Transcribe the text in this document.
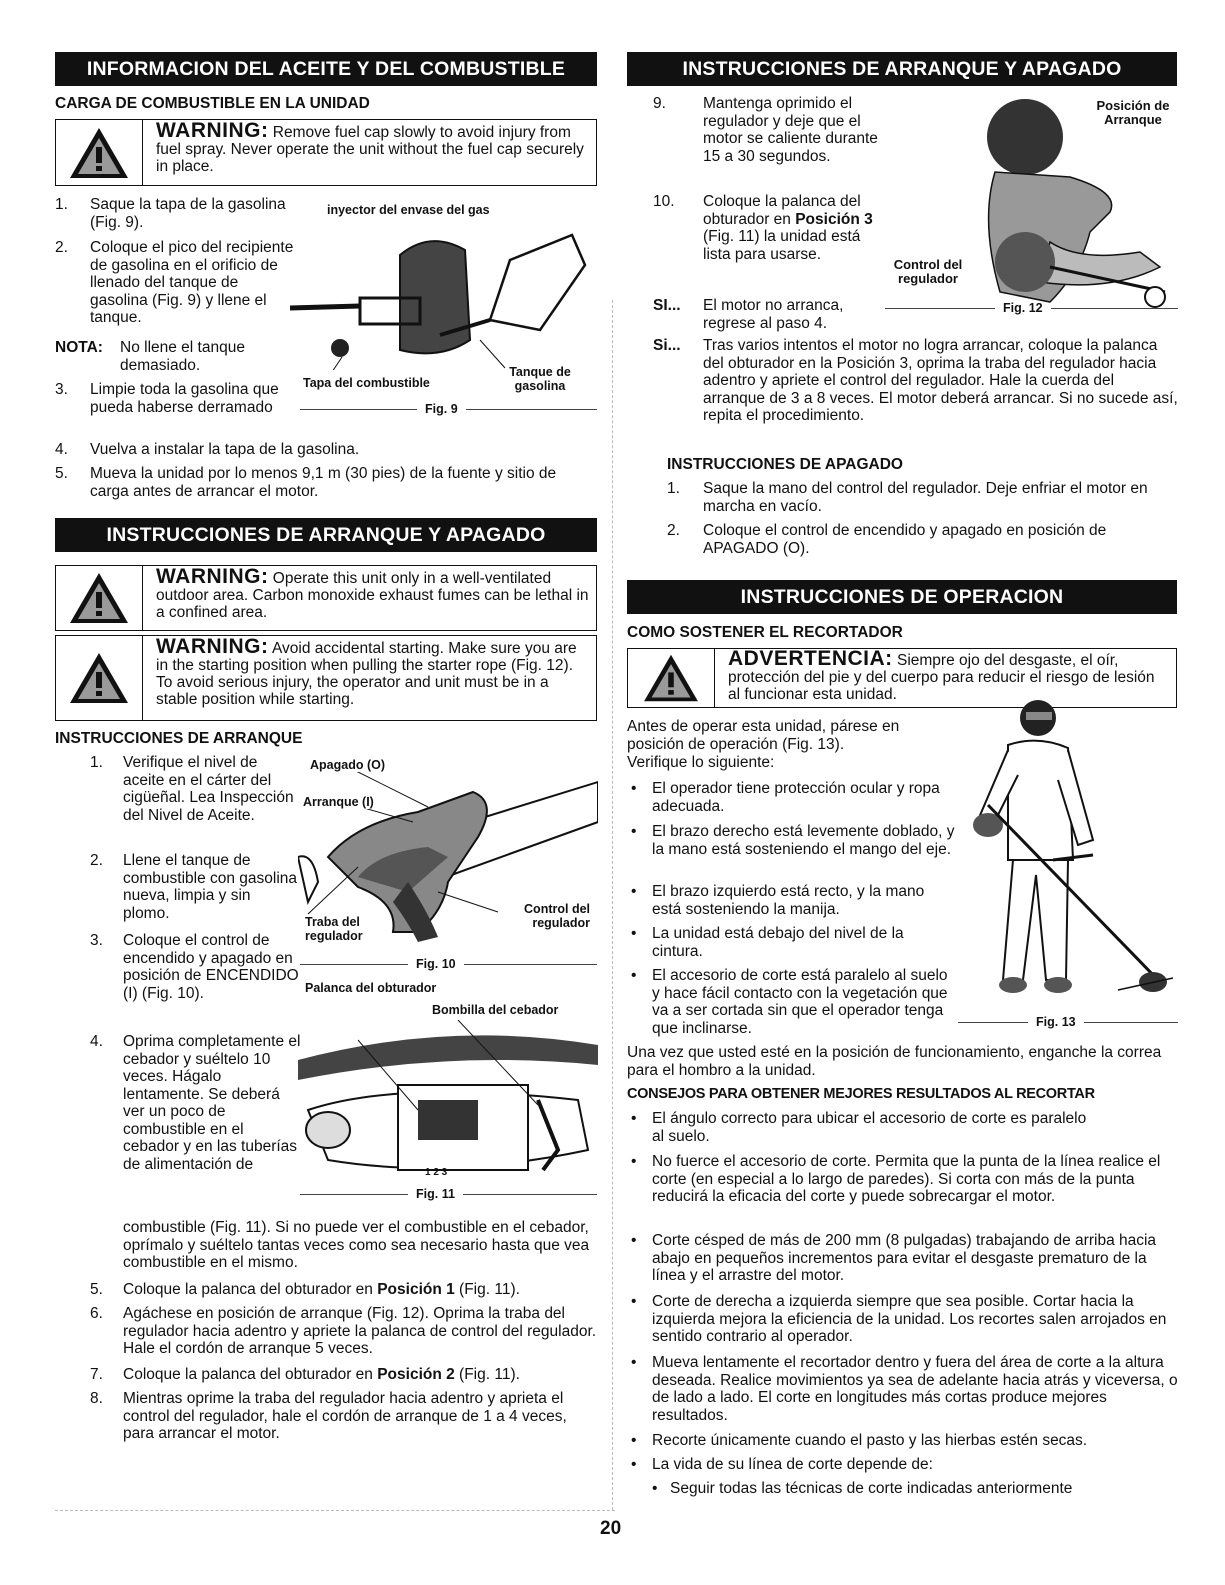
INFORMACION DEL ACEITE Y DEL COMBUSTIBLE
CARGA DE COMBUSTIBLE EN LA UNIDAD
WARNING: Remove fuel cap slowly to avoid injury from fuel spray. Never operate the unit without the fuel cap securely in place.
1. Saque la tapa de la gasolina (Fig. 9).
2. Coloque el pico del recipiente de gasolina en el orificio de llenado del tanque de gasolina (Fig. 9) y llene el tanque.
NOTA: No llene el tanque demasiado.
3. Limpie toda la gasolina que pueda haberse derramado
4. Vuelva a instalar la tapa de la gasolina.
5. Mueva la unidad por lo menos 9,1 m (30 pies) de la fuente y sitio de carga antes de arrancar el motor.
inyector del envase del gas
Tapa del combustible
Tanque de gasolina
Fig. 9
INSTRUCCIONES DE ARRANQUE Y APAGADO
WARNING: Operate this unit only in a well-ventilated outdoor area. Carbon monoxide exhaust fumes can be lethal in a confined area.
WARNING: Avoid accidental starting. Make sure you are in the starting position when pulling the starter rope (Fig. 12). To avoid serious injury, the operator and unit must be in a stable position while starting.
INSTRUCCIONES DE ARRANQUE
1. Verifique el nivel de aceite en el cárter del cigüeñal. Lea Inspección del Nivel de Aceite.
2. Llene el tanque de combustible con gasolina nueva, limpia y sin plomo.
3. Coloque el control de encendido y apagado en posición de ENCENDIDO (I) (Fig. 10).
4. Oprima completamente el cebador y suéltelo 10 veces. Hágalo lentamente. Se deberá ver un poco de combustible en el cebador y en las tuberías de alimentación de
combustible (Fig. 11). Si no puede ver el combustible en el cebador, oprímalo y suéltelo tantas veces como sea necesario hasta que vea combustible en el mismo.
5. Coloque la palanca del obturador en Posición 1 (Fig. 11).
6. Agáchese en posición de arranque (Fig. 12). Oprima la traba del regulador hacia adentro y apriete la palanca de control del regulador. Hale el cordón de arranque 5 veces.
7. Coloque la palanca del obturador en Posición 2 (Fig. 11).
8. Mientras oprime la traba del regulador hacia adentro y aprieta el control del regulador, hale el cordón de arranque de 1 a 4 veces, para arrancar el motor.
Apagado (O)
Arranque (I)
Traba del regulador
Control del regulador
Fig. 10
Palanca del obturador
Bombilla del cebador
1 2 3
Fig. 11
INSTRUCCIONES DE ARRANQUE Y APAGADO
9. Mantenga oprimido el regulador y deje que el motor se caliente durante 15 a 30 segundos.
10. Coloque la palanca del obturador en Posición 3 (Fig. 11) la unidad está lista para usarse.
SI... El motor no arranca, regrese al paso 4.
Si... Tras varios intentos el motor no logra arrancar, coloque la palanca del obturador en la Posición 3, oprima la traba del regulador hacia adentro y apriete el control del regulador. Hale la cuerda del arranque de 3 a 8 veces. El motor deberá arrancar. Si no sucede así, repita el procedimiento.
Posición de Arranque
Control del regulador
Fig. 12
INSTRUCCIONES DE APAGADO
1. Saque la mano del control del regulador. Deje enfriar el motor en marcha en vacío.
2. Coloque el control de encendido y apagado en posición de APAGADO (O).
INSTRUCCIONES DE OPERACION
COMO SOSTENER EL RECORTADOR
ADVERTENCIA: Siempre ojo del desgaste, el oír, protección del pie y del cuerpo para reducir el riesgo de lesión al funcionar esta unidad.
Antes de operar esta unidad, párese en posición de operación (Fig. 13).
Verifique lo siguiente:
• El operador tiene protección ocular y ropa adecuada.
• El brazo derecho está levemente doblado, y la mano está sosteniendo el mango del eje.
• El brazo izquierdo está recto, y la mano está sosteniendo la manija.
• La unidad está debajo del nivel de la cintura.
• El accesorio de corte está paralelo al suelo y hace fácil contacto con la vegetación que va a ser cortada sin que el operador tenga que inclinarse.	Fig. 13
Una vez que usted esté en la posición de funcionamiento, enganche la correa para el hombro a la unidad.
CONSEJOS PARA OBTENER MEJORES RESULTADOS AL RECORTAR
• El ángulo correcto para ubicar el accesorio de corte es paralelo al suelo.
• No fuerce el accesorio de corte. Permita que la punta de la línea realice el corte (en especial a lo largo de paredes). Si corta con más de la punta reducirá la eficacia del corte y puede sobrecargar el motor.
• Corte césped de más de 200 mm (8 pulgadas) trabajando de arriba hacia abajo en pequeños incrementos para evitar el desgaste prematuro de la línea y el arrastre del motor.
• Corte de derecha a izquierda siempre que sea posible. Cortar hacia la izquierda mejora la eficiencia de la unidad. Los recortes salen arrojados en sentido contrario al operador.
• Mueva lentamente el recortador dentro y fuera del área de corte a la altura deseada. Realice movimientos ya sea de adelante hacia atrás y viceversa, o de lado a lado. El corte en longitudes más cortas produce mejores resultados.
• Recorte únicamente cuando el pasto y las hierbas estén secas.
• La vida de su línea de corte depende de:
• Seguir todas las técnicas de corte indicadas anteriormente
20
